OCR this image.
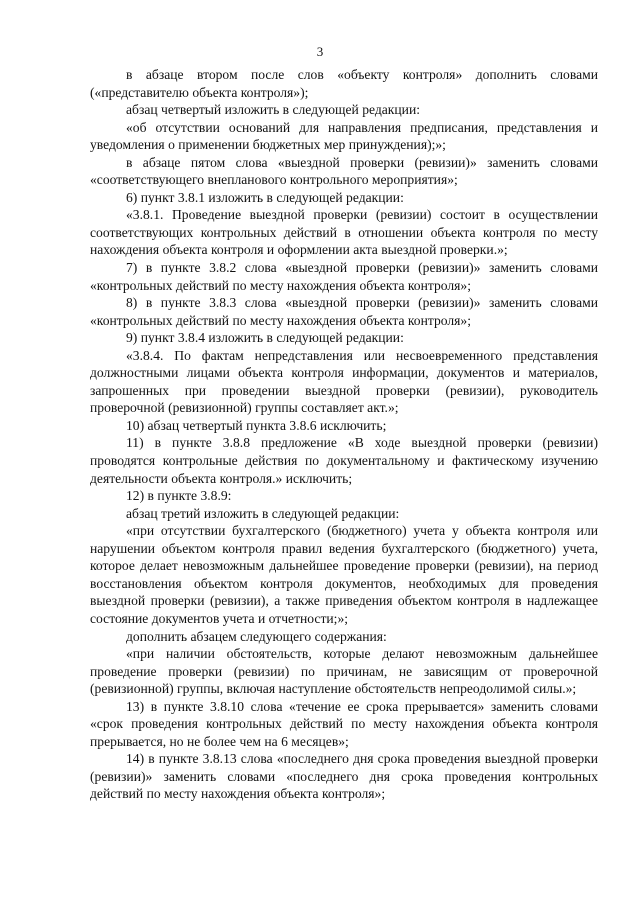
3

в абзаце втором после слов «объекту контроля» дополнить словами («представителю объекта контроля»);

абзац четвертый изложить в следующей редакции:

«об отсутствии оснований для направления предписания, представления и уведомления о применении бюджетных мер принуждения);»;

в абзаце пятом слова «выездной проверки (ревизии)» заменить словами «соответствующего внепланового контрольного мероприятия»;

6) пункт 3.8.1 изложить в следующей редакции:

«3.8.1. Проведение выездной проверки (ревизии) состоит в осуществлении соответствующих контрольных действий в отношении объекта контроля по месту нахождения объекта контроля и оформлении акта выездной проверки.»;

7) в пункте 3.8.2 слова «выездной проверки (ревизии)» заменить словами «контрольных действий по месту нахождения объекта контроля»;

8) в пункте 3.8.3 слова «выездной проверки (ревизии)» заменить словами «контрольных действий по месту нахождения объекта контроля»;

9) пункт 3.8.4 изложить в следующей редакции:

«3.8.4. По фактам непредставления или несвоевременного представления должностными лицами объекта контроля информации, документов и материалов, запрошенных при проведении выездной проверки (ревизии), руководитель проверочной (ревизионной) группы составляет акт.»;

10) абзац четвертый пункта 3.8.6 исключить;

11) в пункте 3.8.8 предложение «В ходе выездной проверки (ревизии) проводятся контрольные действия по документальному и фактическому изучению деятельности объекта контроля.» исключить;

12) в пункте 3.8.9:

абзац третий изложить в следующей редакции:

«при отсутствии бухгалтерского (бюджетного) учета у объекта контроля или нарушении объектом контроля правил ведения бухгалтерского (бюджетного) учета, которое делает невозможным дальнейшее проведение проверки (ревизии), на период восстановления объектом контроля документов, необходимых для проведения выездной проверки (ревизии), а также приведения объектом контроля в надлежащее состояние документов учета и отчетности;»;

дополнить абзацем следующего содержания:

«при наличии обстоятельств, которые делают невозможным дальнейшее проведение проверки (ревизии) по причинам, не зависящим от проверочной (ревизионной) группы, включая наступление обстоятельств непреодолимой силы.»;

13) в пункте 3.8.10 слова «течение ее срока прерывается» заменить словами «срок проведения контрольных действий по месту нахождения объекта контроля прерывается, но не более чем на 6 месяцев»;

14) в пункте 3.8.13 слова «последнего дня срока проведения выездной проверки (ревизии)» заменить словами «последнего дня срока проведения контрольных действий по месту нахождения объекта контроля»;
